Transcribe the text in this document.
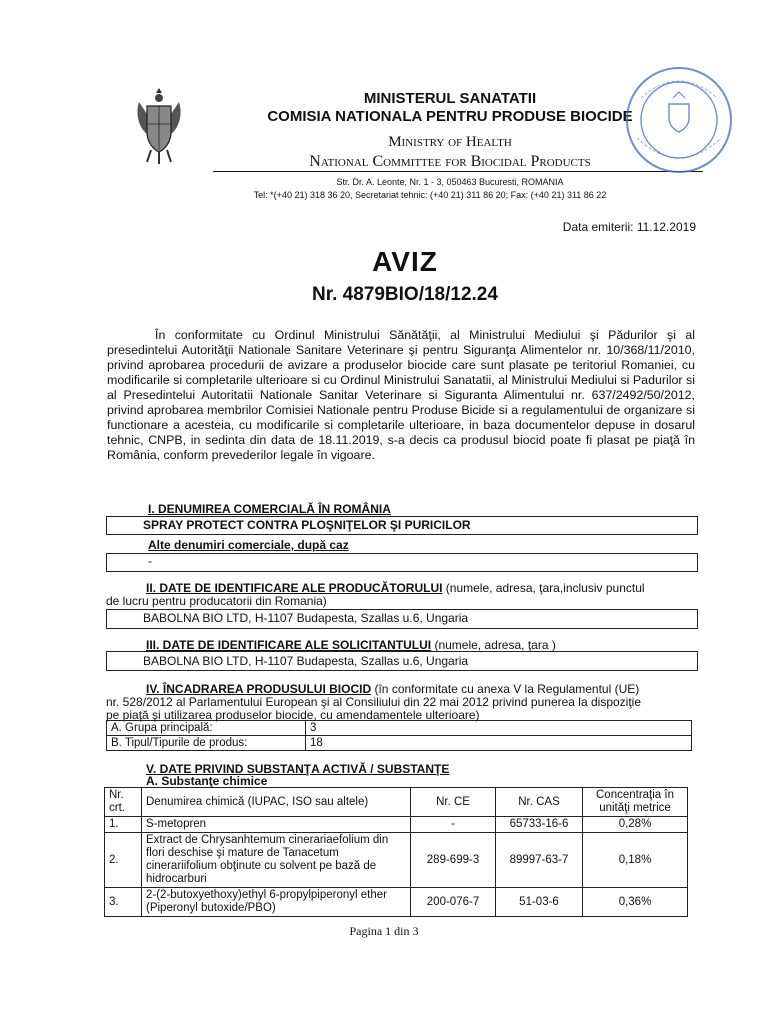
MINISTERUL SANATATII
COMISIA NATIONALA PENTRU PRODUSE BIOCIDE
Ministry of Health
National Committee for Biocidal Products
Str. Dr. A. Leonte, Nr. 1 - 3, 050463 Bucuresti, ROMANIA
Tel: *(+40 21) 318 36 20, Secretariat tehnic: (+40 21) 311 86 20; Fax: (+40 21) 311 86 22
Data emiterii: 11.12.2019
AVIZ
Nr. 4879BIO/18/12.24

În conformitate cu Ordinul Ministrului Sănătăţii, al Ministrului Mediului şi Pădurilor şi al presedintelui Autorităţii Nationale Sanitare Veterinare şi pentru Siguranţa Alimentelor nr. 10/368/11/2010, privind aprobarea procedurii de avizare a produselor biocide care sunt plasate pe teritoriul Romaniei, cu modificarile si completarile ulterioare si cu Ordinul Ministrului Sanatatii, al Ministrului Mediului si Padurilor si al Presedintelui Autoritatii Nationale Sanitar Veterinare si Siguranta Alimentului nr. 637/2492/50/2012, privind aprobarea membrilor Comisiei Nationale pentru Produse Bicide si a regulamentului de organizare si functionare a acesteia, cu modificarile si completarile ulterioare, in baza documentelor depuse in dosarul tehnic, CNPB, in sedinta din data de 18.11.2019, s-a decis ca produsul biocid poate fi plasat pe piaţă în România, conform prevederilor legale în vigoare.

I. DENUMIREA COMERCIALĂ ÎN ROMÂNIA
SPRAY PROTECT CONTRA PLOŞNIŢELOR ŞI PURICILOR
Alte denumiri comerciale, după caz
-
II. DATE DE IDENTIFICARE ALE PRODUCĂTORULUI (numele, adresa, ţara,inclusiv punctul
de lucru pentru producatorii din Romania)
BABOLNA BIO LTD, H-1107 Budapesta, Szallas u.6, Ungaria
III. DATE DE IDENTIFICARE ALE SOLICITANTULUI (numele, adresa, ţara )
BABOLNA BIO LTD, H-1107 Budapesta, Szallas u.6, Ungaria
IV. ÎNCADRAREA PRODUSULUI BIOCID (în conformitate cu anexa V la Regulamentul (UE)
nr. 528/2012 al Parlamentului European şi al Consiliului din 22 mai 2012 privind punerea la dispoziţie
pe piaţă şi utilizarea produselor biocide, cu amendamentele ulterioare)
A. Grupa principală:	3
B. Tipul/Tipurile de produs:	18
V. DATE PRIVIND SUBSTANŢA ACTIVĂ / SUBSTANŢE
A. Substanţe chimice
Nr. crt.	Denumirea chimică (IUPAC, ISO sau altele)	Nr. CE	Nr. CAS	Concentraţia în unităţi metrice
1.	S-metopren	-	65733-16-6	0,28%
2.	Extract de Chrysanhtemum cinerariaefolium din flori deschise şi mature de Tanacetum cinerariifolium obţinute cu solvent pe bază de hidrocarburi	289-699-3	89997-63-7	0,18%
3.	2-(2-butoxyethoxy)ethyl 6-propylpiperonyl ether (Piperonyl butoxide/PBO)	200-076-7	51-03-6	0,36%
Pagina 1 din 3
